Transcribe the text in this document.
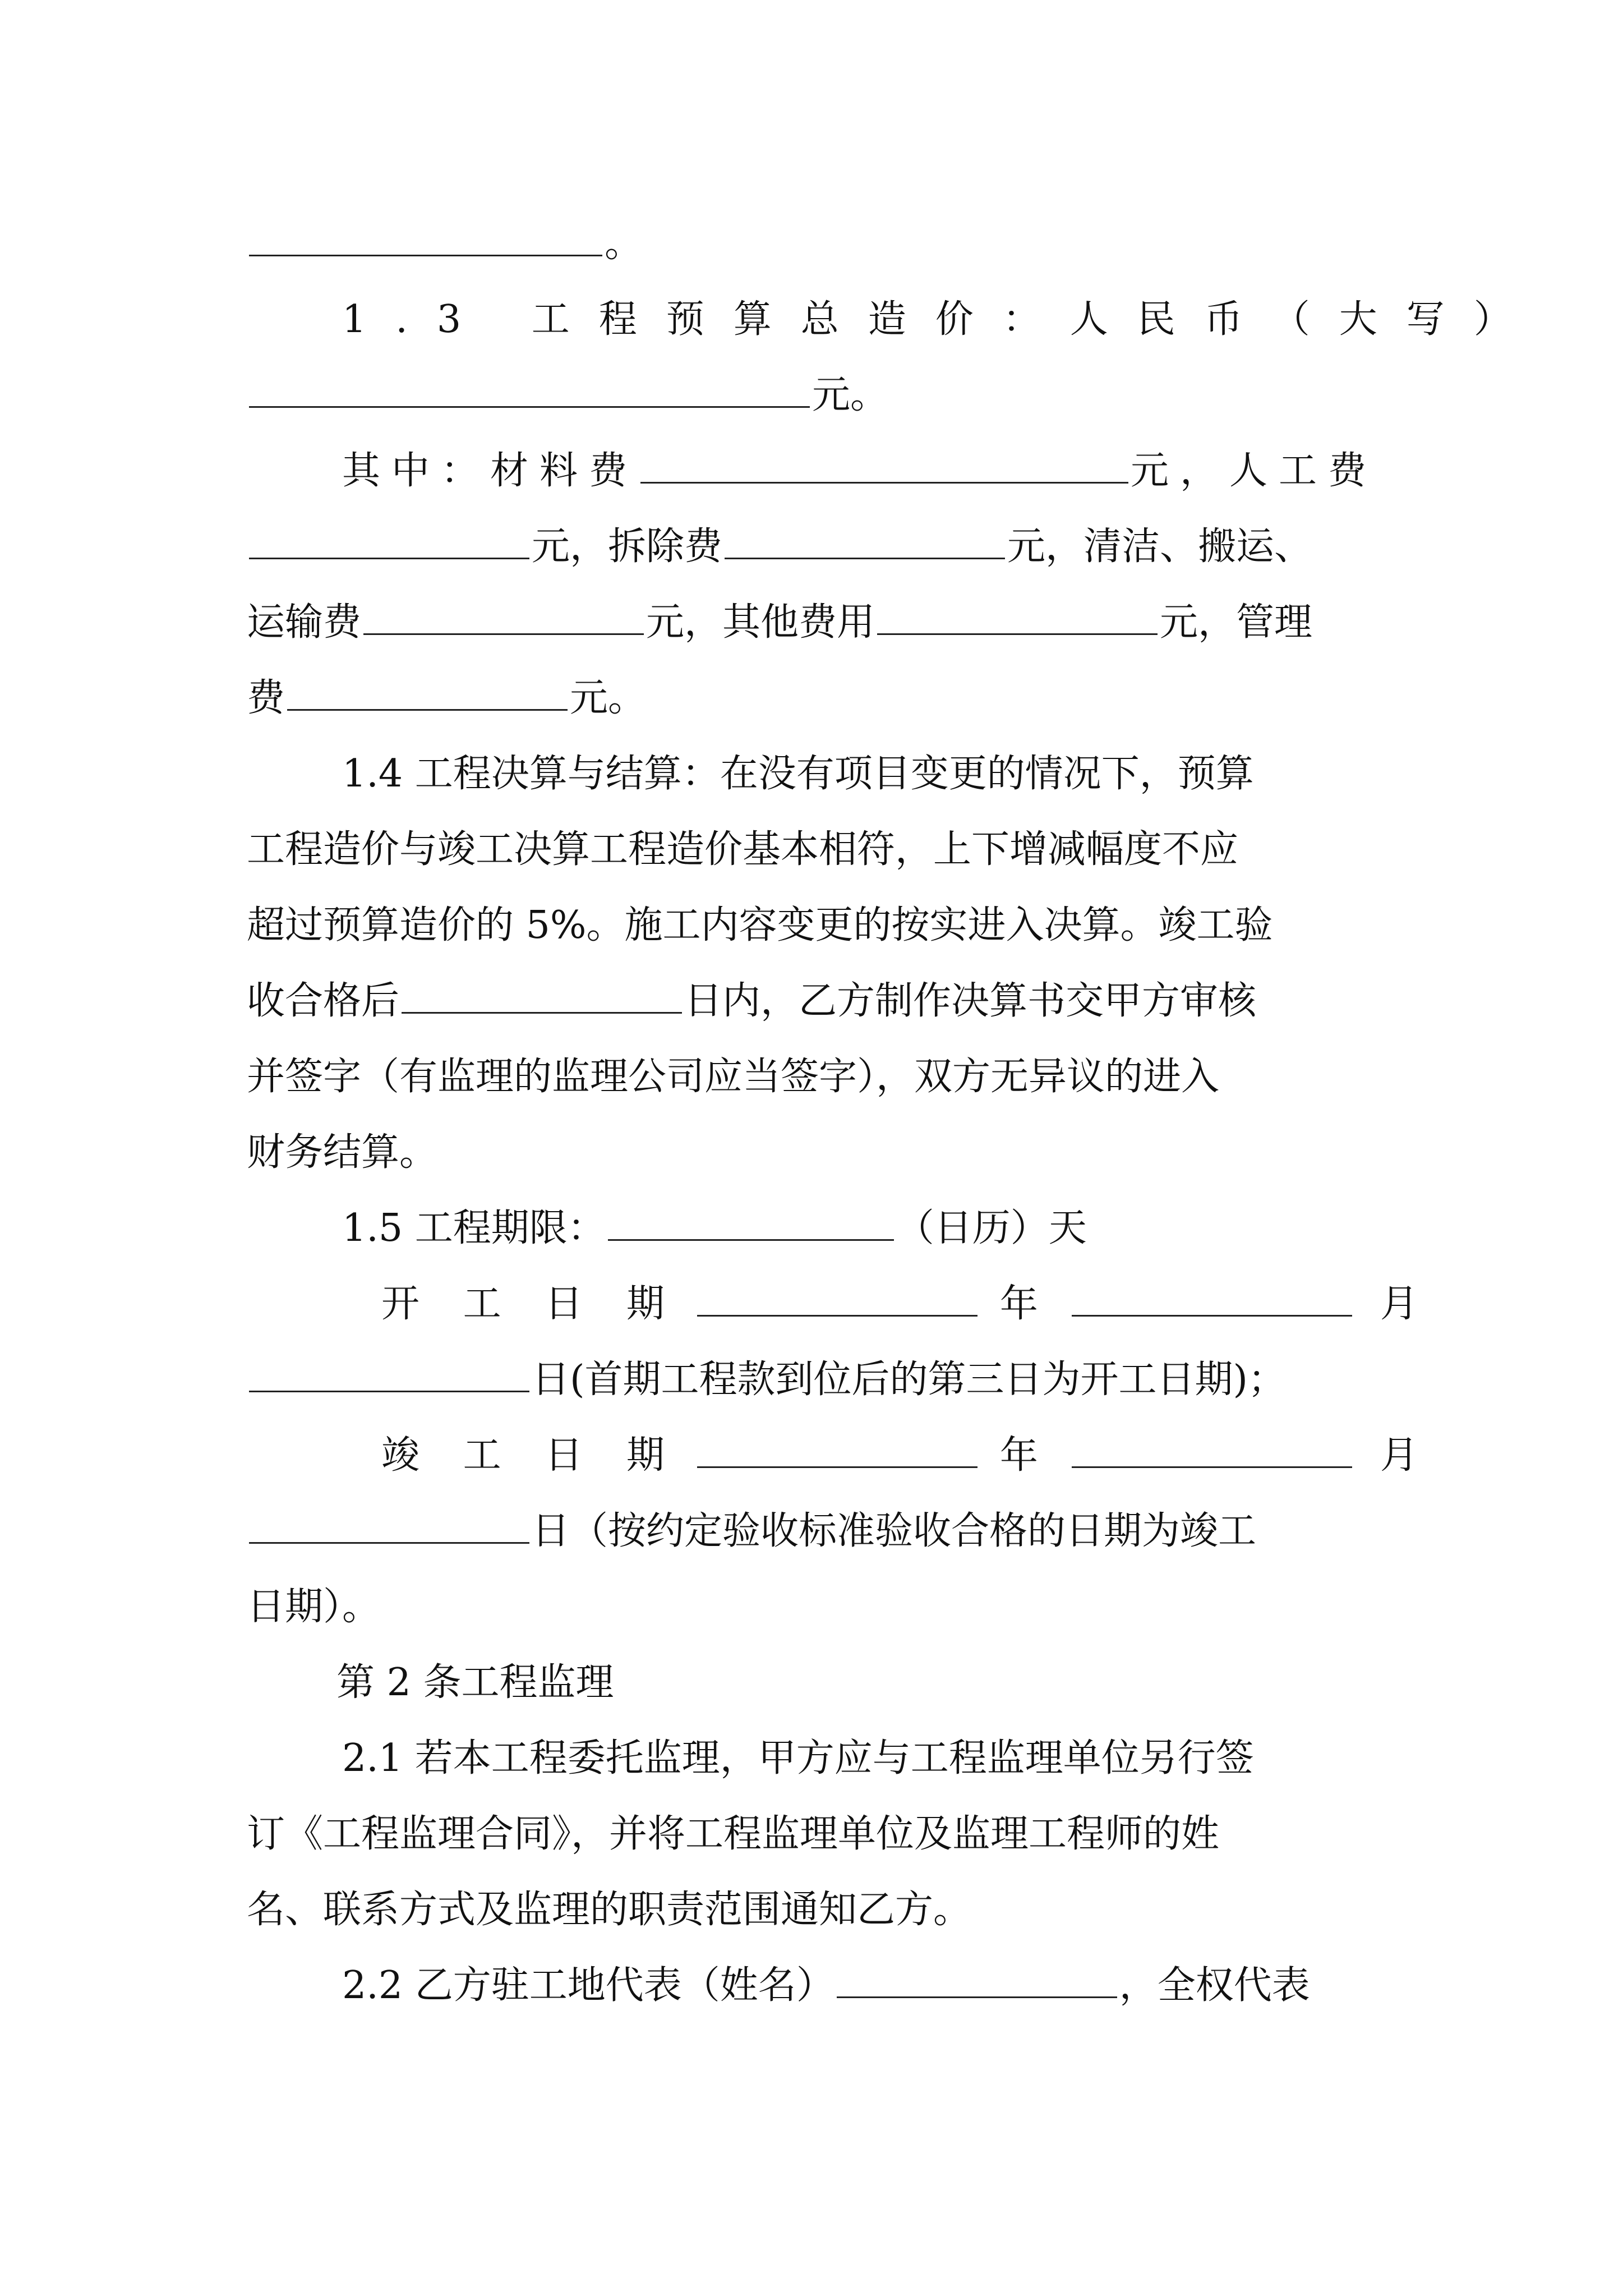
。
1.3 工程预算总造价：人民币（大写）
元。
其中：材料费	元，人工费
元，拆除费	元，清洁、搬运、
运输费	元，其他费用	元，管理
费	元。
1.4 工程决算与结算：在没有项目变更的情况下，预算
工程造价与竣工决算工程造价基本相符，上下增减幅度不应
超过预算造价的 5%。施工内容变更的按实进入决算。竣工验
收合格后	日内，乙方制作决算书交甲方审核
并签字（有监理的监理公司应当签字），双方无异议的进入
财务结算。
1.5 工程期限：	（日历）天
开 工 日 期	年	月
日(首期工程款到位后的第三日为开工日期)；
竣 工 日 期	年	月
日（按约定验收标准验收合格的日期为竣工
日期）。
第 2 条工程监理
2.1 若本工程委托监理，甲方应与工程监理单位另行签
订《工程监理合同》，并将工程监理单位及监理工程师的姓
名、联系方式及监理的职责范围通知乙方。
2.2 乙方驻工地代表（姓名）	，全权代表
